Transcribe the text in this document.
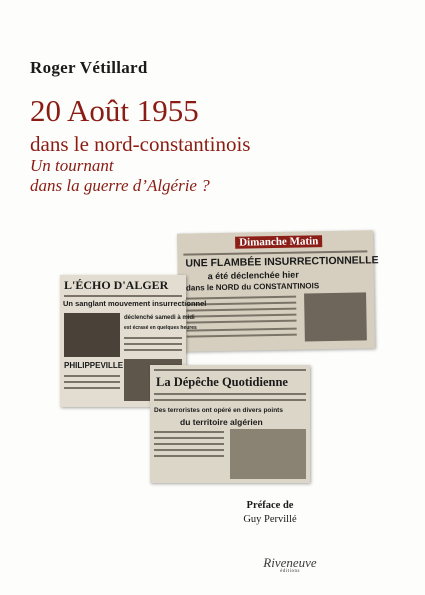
Roger Vétillard
20 Août 1955
dans le nord-constantinois
Un tournant
dans la guerre d’Algérie ?
Dimanche Matin
UNE FLAMBÉE INSURRECTIONNELLE
a été déclenchée hier
dans le NORD du CONSTANTINOIS
L'ÉCHO D'ALGER
Un sanglant mouvement insurrectionnel
déclenché samedi à midi
est écrasé en quelques heures
PHILIPPEVILLE
La Dépêche Quotidienne
Des terroristes ont opéré en divers points
du territoire algérien
Préface de
Guy Pervillé
Riveneuve
éditions
